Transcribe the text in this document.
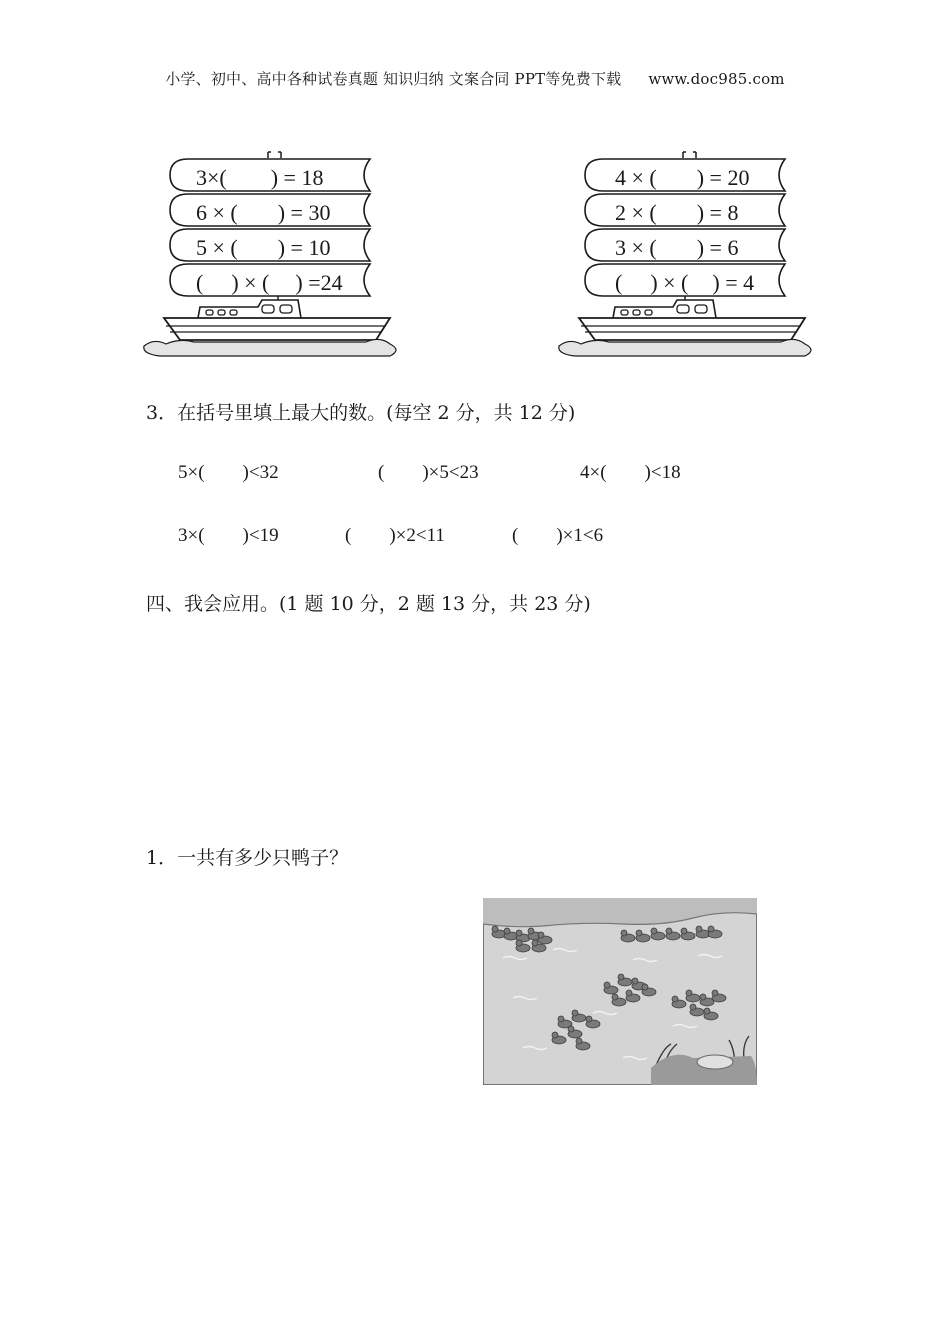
小学、初中、高中各种试卷真题 知识归纳 文案合同 PPT等免费下载 www.doc985.com
3×( ) = 18
6 × ( ) = 30
5 × ( ) = 10
( ) × ( ) =24
4 × ( ) = 20
2 × ( ) = 8
3 × ( ) = 6
( ) × ( ) = 4
3．在括号里填上最大的数。(每空 2 分，共 12 分)
5×(        )<32	(        )×5<23	4×(        )<18
3×(        )<19	(        )×2<11	(        )×1<6
四、我会应用。(1 题 10 分，2 题 13 分，共 23 分)
1．一共有多少只鸭子？
